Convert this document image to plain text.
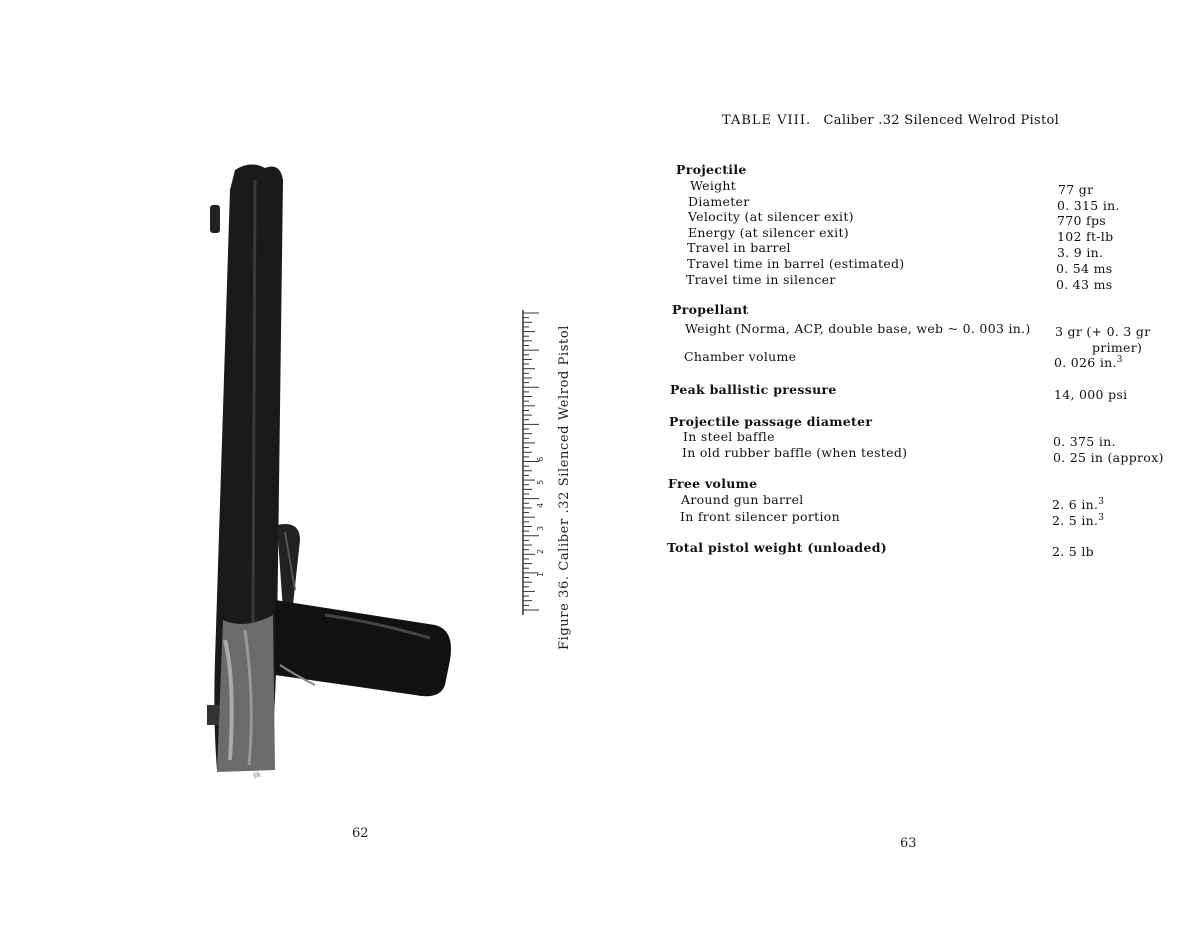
ijk
1
2
3
4
5
6 Figure 36. Caliber .32 Silenced Welrod Pistol
62
TABLE VIII. Caliber .32 Silenced Welrod Pistol
Projectile
Weight	77 gr
Diameter	0. 315 in.
Velocity (at silencer exit)	770 fps
Energy (at silencer exit)	102 ft-lb
Travel in barrel	3. 9 in.
Travel time in barrel (estimated)	0. 54 ms
Travel time in silencer	0. 43 ms
Propellant
Weight (Norma, ACP, double base, web ~ 0. 003 in.) 3 gr (+ 0. 3 gr
primer)
Chamber volume	0. 026 in.$^3$
Peak ballistic pressure	14, 000 psi
Projectile passage diameter
In steel baffle	0. 375 in.
In old rubber baffle (when tested)	0. 25 in (approx)
Free volume
Around gun barrel	2. 6 in.$^3$
In front silencer portion	2. 5 in.$^3$
Total pistol weight (unloaded)	2. 5 lb
63
